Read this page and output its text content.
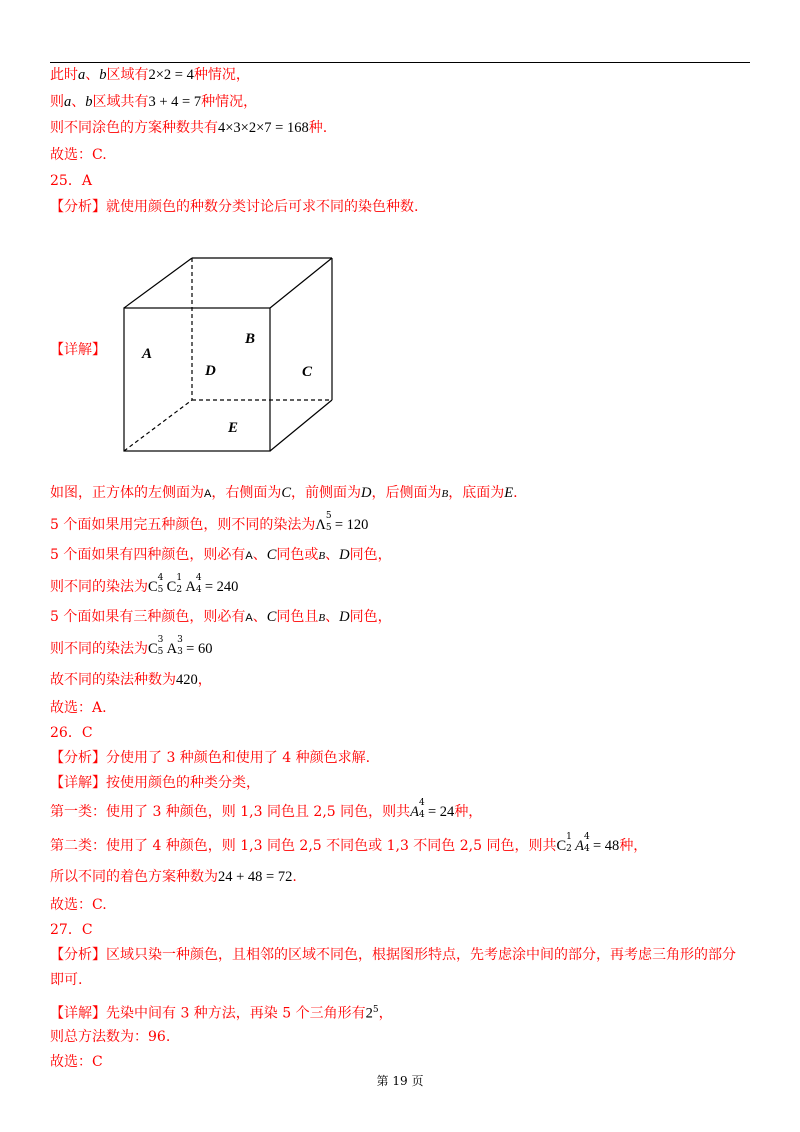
此时a、b区域有2×2 = 4种情况，
则a、b区域共有3 + 4 = 7种情况，
则不同涂色的方案种数共有4×3×2×7 = 168种.
故选：C.
25．A
【分析】就使用颜色的种数分类讨论后可求不同的染色种数.
A
B
C
D
E
【详解】
如图，正方体的左侧面为A，右侧面为C，前侧面为D，后侧面为B，底面为E.
5 个面如果用完五种颜色，则不同的染法为Λ
5
5 = 120
5 个面如果有四种颜色，则必有A、C同色或B、D同色，
则不同的染法为C
4
5 C
1
2 A
4
4 = 240
5 个面如果有三种颜色，则必有A、C同色且B、D同色，
则不同的染法为C
3
5 A
3
3 = 60
故不同的染法种数为420，
故选：A.
26．C
【分析】分使用了 3 种颜色和使用了 4 种颜色求解.
【详解】按使用颜色的种类分类，
第一类：使用了 3 种颜色，则 1,3 同色且 2,5 同色，则共A
4
4 = 24种，
第二类：使用了 4 种颜色，则 1,3 同色 2,5 不同色或 1,3 不同色 2,5 同色，则共C
1
2 A
4
4 = 48种，
所以不同的着色方案种数为24 + 48 = 72.
故选：C.
27．C
【分析】区域只染一种颜色，且相邻的区域不同色，根据图形特点，先考虑涂中间的部分，再考虑三角形的部分
即可.
【详解】先染中间有 3 种方法，再染 5 个三角形有$2^5$，
则总方法数为：96.
故选：C
第 19 页
